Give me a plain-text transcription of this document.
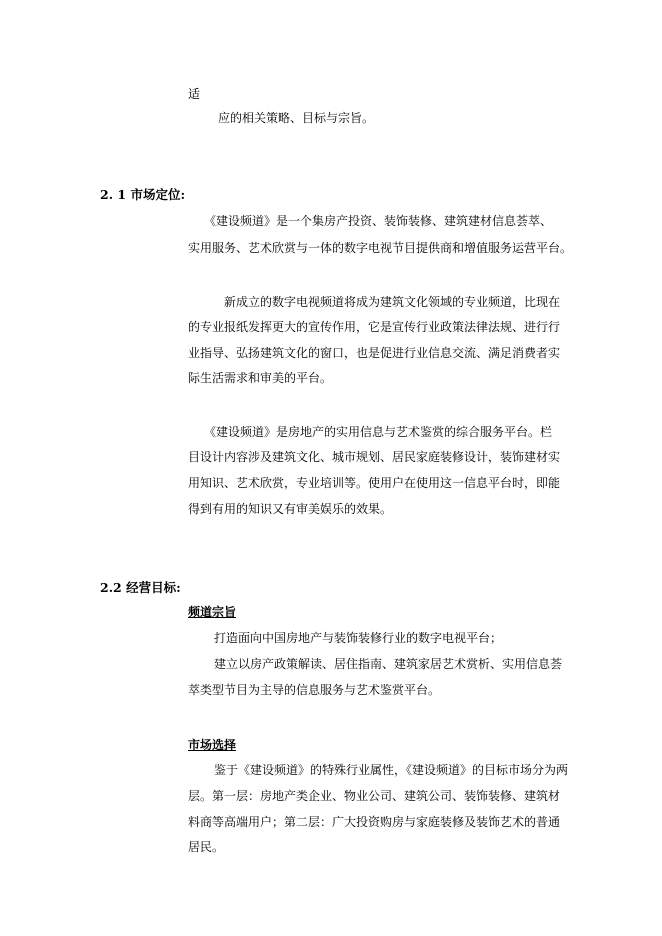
适
应的相关策略、目标与宗旨。
2. 1 市场定位:
《建设频道》是一个集房产投资、装饰装修、建筑建材信息荟萃、
实用服务、艺术欣赏与一体的数字电视节目提供商和增值服务运营平台。
新成立的数字电视频道将成为建筑文化领域的专业频道，比现在
的专业报纸发挥更大的宣传作用，它是宣传行业政策法律法规、进行行
业指导、弘扬建筑文化的窗口，也是促进行业信息交流、满足消费者实
际生活需求和审美的平台。
《建设频道》是房地产的实用信息与艺术鉴赏的综合服务平台。栏
目设计内容涉及建筑文化、城市规划、居民家庭装修设计，装饰建材实
用知识、艺术欣赏，专业培训等。使用户在使用这一信息平台时，即能
得到有用的知识又有审美娱乐的效果。
2.2 经营目标:
频道宗旨
打造面向中国房地产与装饰装修行业的数字电视平台；
建立以房产政策解读、居住指南、建筑家居艺术赏析、实用信息荟
萃类型节目为主导的信息服务与艺术鉴赏平台。
市场选择
鉴于《建设频道》的特殊行业属性，《建设频道》的目标市场分为两
层。第一层：房地产类企业、物业公司、建筑公司、装饰装修、建筑材
料商等高端用户；第二层：广大投资购房与家庭装修及装饰艺术的普通
居民。
